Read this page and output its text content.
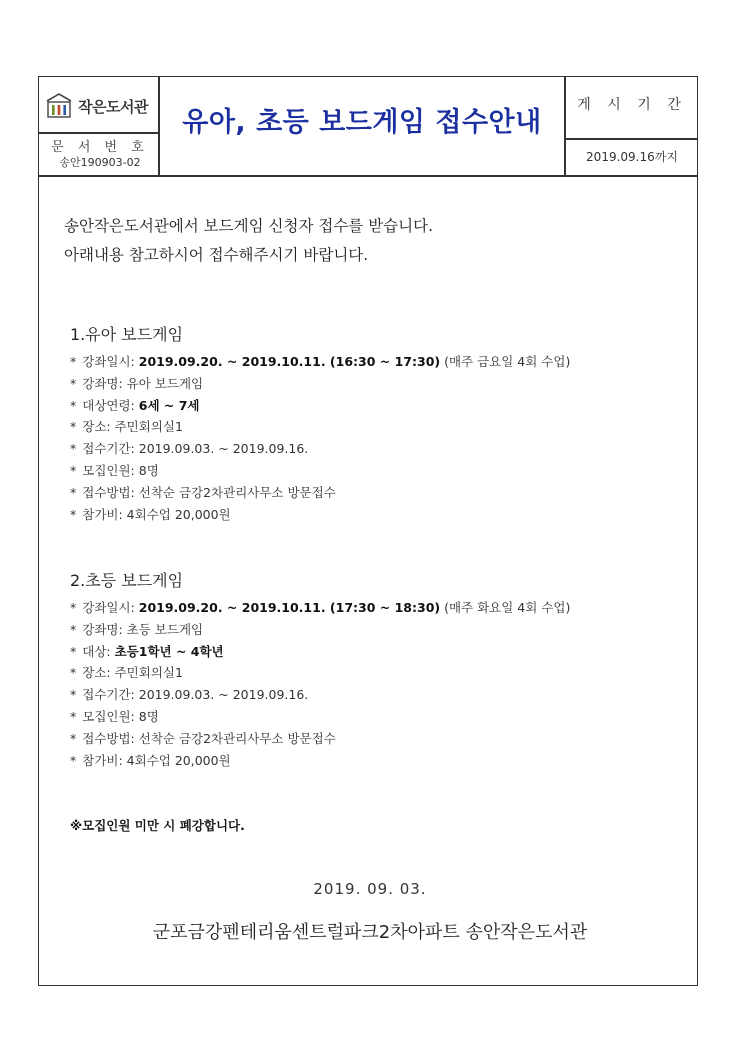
작은도서관
문 서 번 호
송안190903-02
유아, 초등 보드게임 접수안내
게 시 기 간
2019.09.16까지
송안작은도서관에서 보드게임 신청자 접수를 받습니다.
아래내용 참고하시어 접수해주시기 바랍니다.
1.유아 보드게임
* 강좌일시: 2019.09.20. ~ 2019.10.11. (16:30 ~ 17:30) (매주 금요일 4회 수업)
* 강좌명: 유아 보드게임
* 대상연령: 6세 ~ 7세
* 장소: 주민회의실1
* 접수기간: 2019.09.03. ~ 2019.09.16.
* 모집인원: 8명
* 접수방법: 선착순 금강2차관리사무소 방문접수
* 참가비: 4회수업 20,000원
2.초등 보드게임
* 강좌일시: 2019.09.20. ~ 2019.10.11. (17:30 ~ 18:30) (매주 화요일 4회 수업)
* 강좌명: 초등 보드게임
* 대상: 초등1학년 ~ 4학년
* 장소: 주민회의실1
* 접수기간: 2019.09.03. ~ 2019.09.16.
* 모집인원: 8명
* 접수방법: 선착순 금강2차관리사무소 방문접수
* 참가비: 4회수업 20,000원
※모집인원 미만 시 폐강합니다.
2019. 09. 03.
군포금강펜테리움센트럴파크2차아파트 송안작은도서관
